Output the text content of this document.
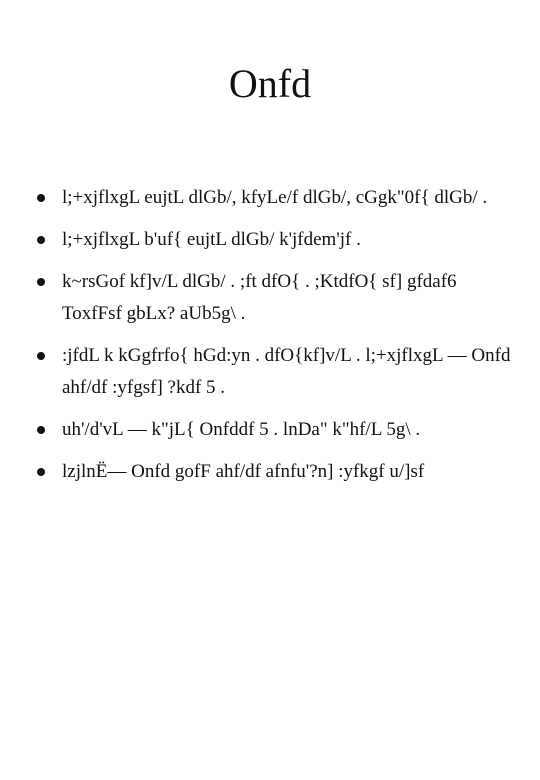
Onfd
l;+xjflxgL eujtL dlGb/, kfyLe/f dlGb/, cGgk"0f{ dlGb/ .
l;+xjflxgL b'uf{ eujtL dlGb/ k'jfdem'jf .
k~rsGof kf]v/L dlGb/ . ;ft dfO{ . ;KtdfO{ sf] gfdaf6 ToxfFsf gbLx? aUb5g\ .
:jfdL k kGgfrfo{ hGd:yn . dfO{kf]v/L . l;+xjflxgL — Onfd ahf/df :yfgsf] ?kdf 5 .
uh'/d'vL — k"jL{ Onfddf 5 . lnDa" k"hf/L 5g\ .
lzjlnË— Onfd gofF ahf/df afnfu'?n] :yfkgf u/]sf
